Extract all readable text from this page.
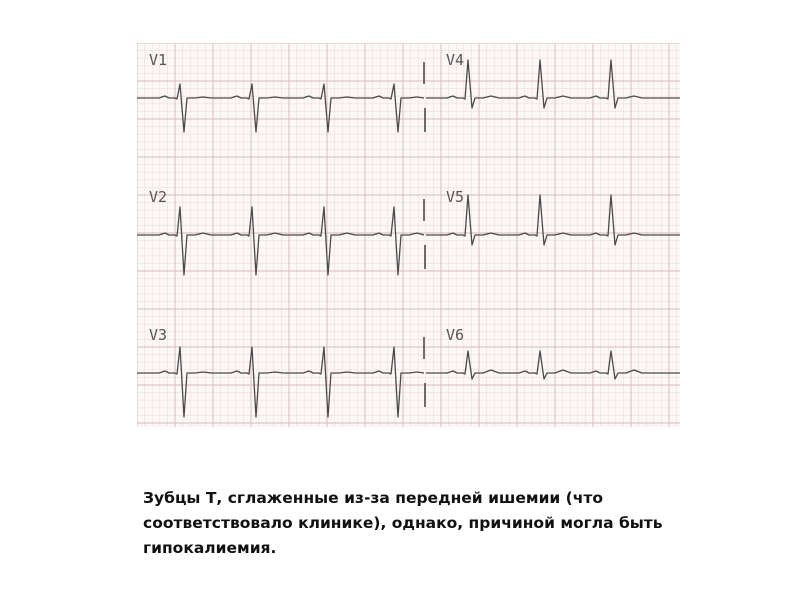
V1
V2
V3
V4
V5
V6

Зубцы Т, сглаженные из-за передней ишемии (что соответствовало клинике), однако, причиной могла быть гипокалиемия.
